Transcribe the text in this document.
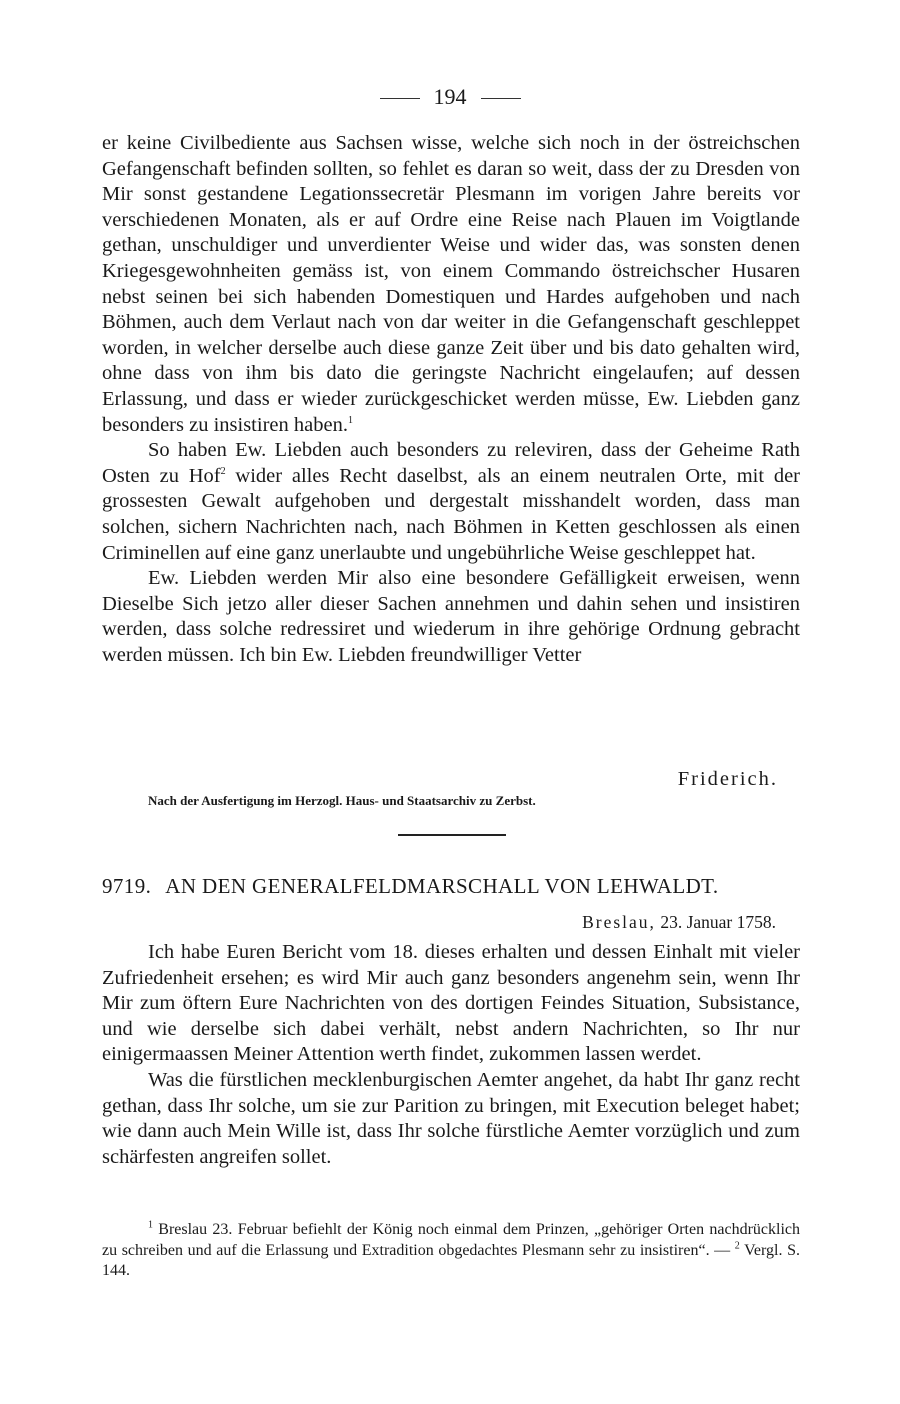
194

er keine Civilbediente aus Sachsen wisse, welche sich noch in der östreichschen Gefangenschaft befinden sollten, so fehlet es daran so weit, dass der zu Dresden von Mir sonst gestandene Legationssecretär Plesmann im vorigen Jahre bereits vor verschiedenen Monaten, als er auf Ordre eine Reise nach Plauen im Voigtlande gethan, unschuldiger und unverdienter Weise und wider das, was sonsten denen Kriegesgewohnheiten gemäss ist, von einem Commando östreichscher Husaren nebst seinen bei sich habenden Domestiquen und Hardes aufgehoben und nach Böhmen, auch dem Verlaut nach von dar weiter in die Gefangenschaft geschleppet worden, in welcher derselbe auch diese ganze Zeit über und bis dato gehalten wird, ohne dass von ihm bis dato die geringste Nachricht eingelaufen; auf dessen Erlassung, und dass er wieder zurückgeschicket werden müsse, Ew. Liebden ganz besonders zu insistiren haben.$^1$

So haben Ew. Liebden auch besonders zu releviren, dass der Geheime Rath Osten zu Hof$^2$ wider alles Recht daselbst, als an einem neutralen Orte, mit der grossesten Gewalt aufgehoben und dergestalt misshandelt worden, dass man solchen, sichern Nachrichten nach, nach Böhmen in Ketten geschlossen als einen Criminellen auf eine ganz unerlaubte und ungebührliche Weise geschleppet hat.

Ew. Liebden werden Mir also eine besondere Gefälligkeit erweisen, wenn Dieselbe Sich jetzo aller dieser Sachen annehmen und dahin sehen und insistiren werden, dass solche redressiret und wiederum in ihre gehörige Ordnung gebracht werden müssen. Ich bin Ew. Liebden freundwilliger Vetter

Friderich.
Nach der Ausfertigung im Herzogl. Haus- und Staatsarchiv zu Zerbst.
9719. AN DEN GENERALFELDMARSCHALL VON LEHWALDT.
Breslau, 23. Januar 1758.

Ich habe Euren Bericht vom 18. dieses erhalten und dessen Einhalt mit vieler Zufriedenheit ersehen; es wird Mir auch ganz besonders angenehm sein, wenn Ihr Mir zum öftern Eure Nachrichten von des dortigen Feindes Situation, Subsistance, und wie derselbe sich dabei verhält, nebst andern Nachrichten, so Ihr nur einigermaassen Meiner Attention werth findet, zukommen lassen werdet.

Was die fürstlichen mecklenburgischen Aemter angehet, da habt Ihr ganz recht gethan, dass Ihr solche, um sie zur Parition zu bringen, mit Execution beleget habet; wie dann auch Mein Wille ist, dass Ihr solche fürstliche Aemter vorzüglich und zum schärfesten angreifen sollet.

$^1$ Breslau 23. Februar befiehlt der König noch einmal dem Prinzen, „gehöriger Orten nachdrücklich zu schreiben und auf die Erlassung und Extradition obgedachtes Plesmann sehr zu insistiren“. — $^2$ Vergl. S. 144.
